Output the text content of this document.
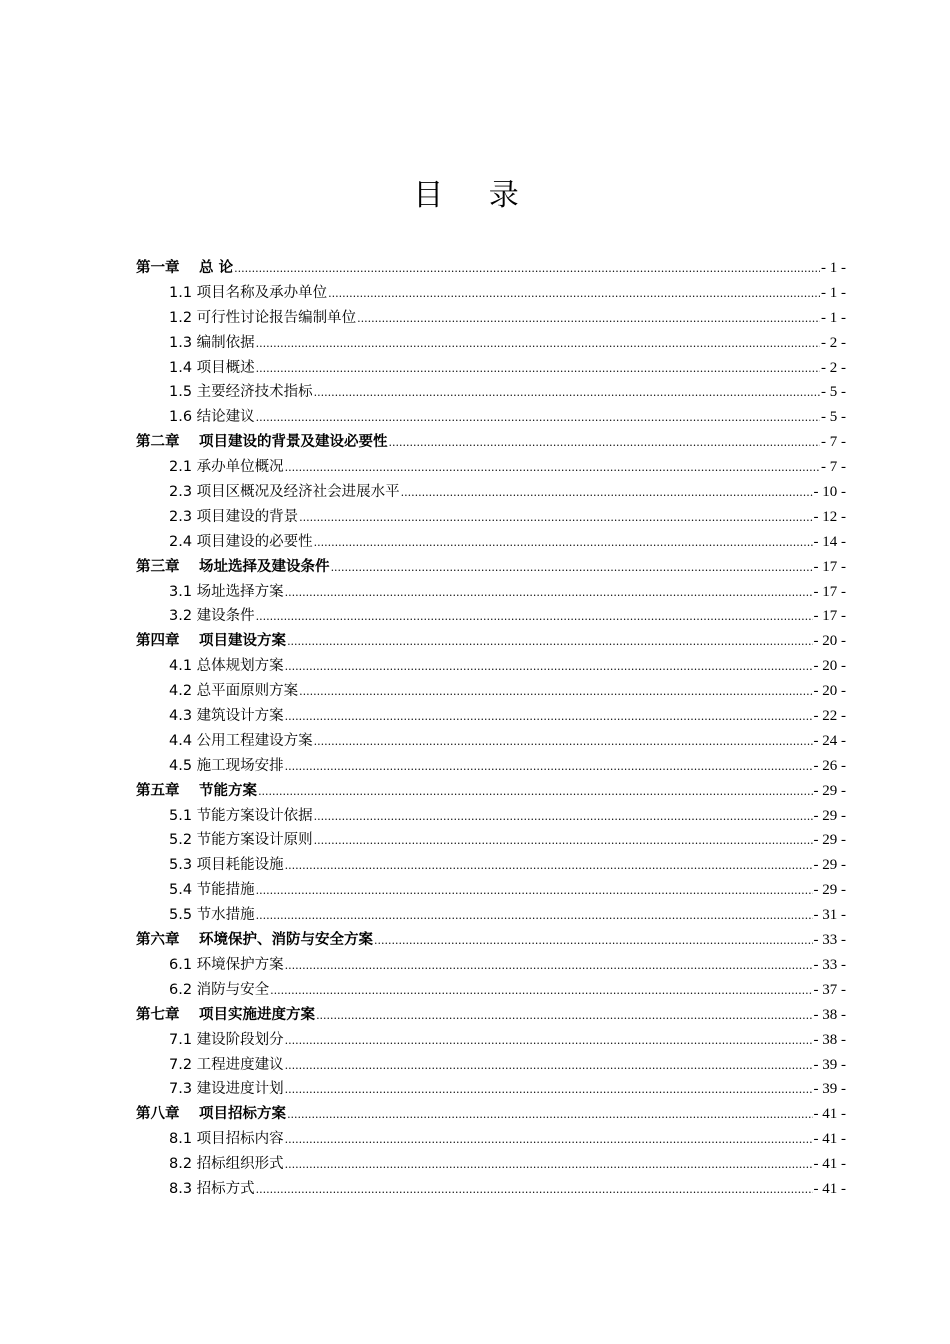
目 录
第一章　 总 论 .....	- 1 -
1.1 项目名称及承办单位 .....	- 1 -
1.2 可行性讨论报告编制单位 .....	- 1 -
1.3 编制依据 .....	- 2 -
1.4 项目概述 .....	- 2 -
1.5 主要经济技术指标 .....	- 5 -
1.6 结论建议 .....	- 5 -
第二章　 项目建设的背景及建设必要性 .....	- 7 -
2.1 承办单位概况 .....	- 7 -
2.3 项目区概况及经济社会进展水平 .....	- 10 -
2.3 项目建设的背景 .....	- 12 -
2.4 项目建设的必要性 .....	- 14 -
第三章　 场址选择及建设条件 .....	- 17 -
3.1 场址选择方案 .....	- 17 -
3.2 建设条件 .....	- 17 -
第四章　 项目建设方案 .....	- 20 -
4.1 总体规划方案 .....	- 20 -
4.2 总平面原则方案 .....	- 20 -
4.3 建筑设计方案 .....	- 22 -
4.4 公用工程建设方案 .....	- 24 -
4.5 施工现场安排 .....	- 26 -
第五章　 节能方案 .....	- 29 -
5.1 节能方案设计依据 .....	- 29 -
5.2 节能方案设计原则 .....	- 29 -
5.3 项目耗能设施 .....	- 29 -
5.4 节能措施 .....	- 29 -
5.5 节水措施 .....	- 31 -
第六章　 环境保护、消防与安全方案 .....	- 33 -
6.1 环境保护方案 .....	- 33 -
6.2 消防与安全 .....	- 37 -
第七章　 项目实施进度方案 .....	- 38 -
7.1 建设阶段划分 .....	- 38 -
7.2 工程进度建议 .....	- 39 -
7.3 建设进度计划 .....	- 39 -
第八章　 项目招标方案 .....	- 41 -
8.1 项目招标内容 .....	- 41 -
8.2 招标组织形式 .....	- 41 -
8.3 招标方式 .....	- 41 -
